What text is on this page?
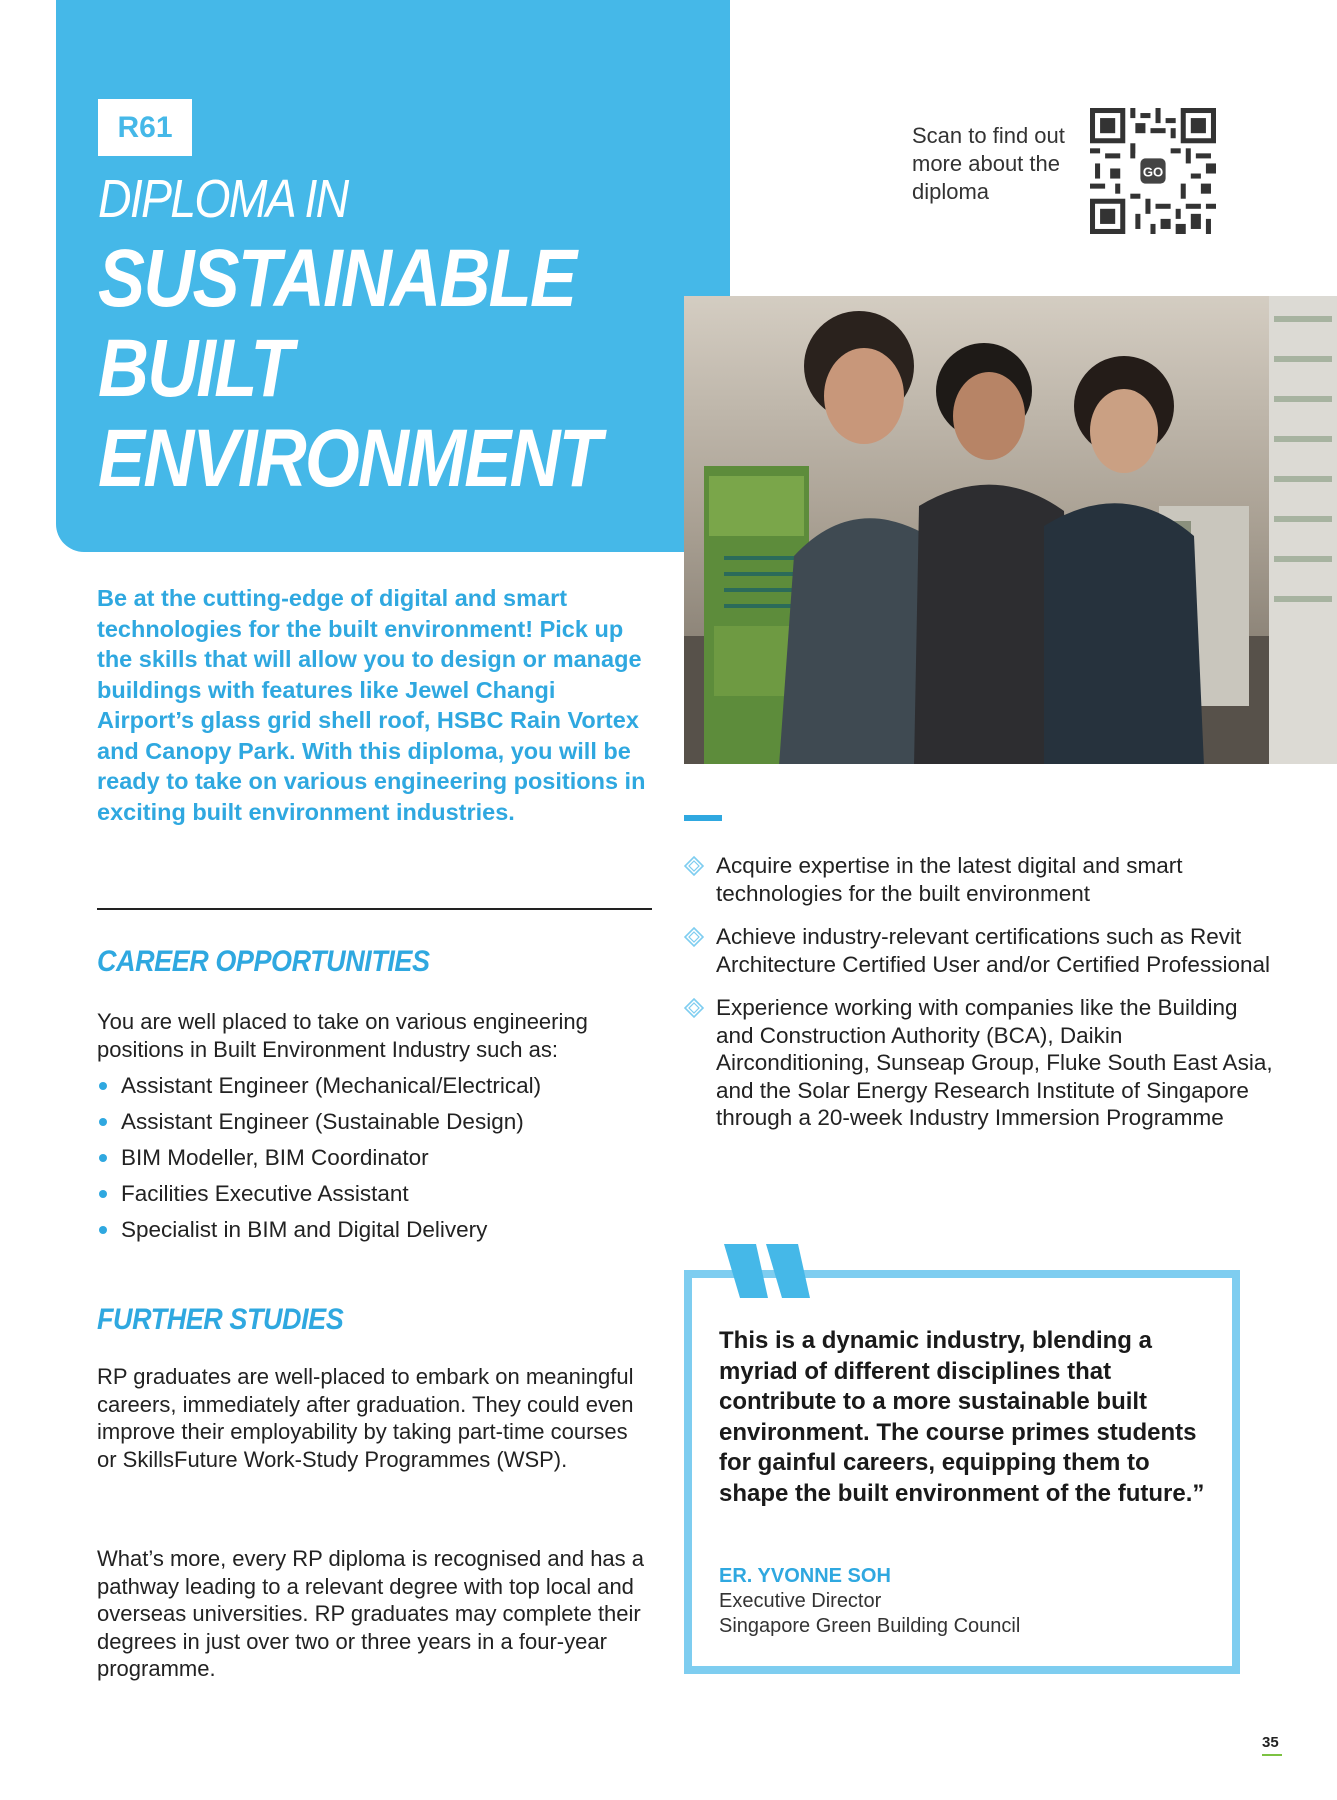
R61
DIPLOMA IN
SUSTAINABLE
BUILT
ENVIRONMENT
Scan to find out more about the diploma
GO
Be at the cutting-edge of digital and smart technologies for the built environment! Pick up the skills that will allow you to design or manage buildings with features like Jewel Changi Airport’s glass grid shell roof, HSBC Rain Vortex and Canopy Park. With this diploma, you will be ready to take on various engineering positions in exciting built environment industries.
CAREER OPPORTUNITIES
You are well placed to take on various engineering positions in Built Environment Industry such as:
Assistant Engineer (Mechanical/Electrical)
Assistant Engineer (Sustainable Design)
BIM Modeller, BIM Coordinator
Facilities Executive Assistant
Specialist in BIM and Digital Delivery
FURTHER STUDIES
RP graduates are well-placed to embark on meaningful careers, immediately after graduation. They could even improve their employability by taking part-time courses or SkillsFuture Work-Study Programmes (WSP).
What’s more, every RP diploma is recognised and has a pathway leading to a relevant degree with top local and overseas universities. RP graduates may complete their degrees in just over two or three years in a four-year programme.
Acquire expertise in the latest digital and smart technologies for the built environment
Achieve industry-relevant certifications such as Revit Architecture Certified User and/or Certified Professional
Experience working with companies like the Building and Construction Authority (BCA), Daikin Airconditioning, Sunseap Group, Fluke South East Asia, and the Solar Energy Research Institute of Singapore through a 20-week Industry Immersion Programme
This is a dynamic industry, blending a myriad of different disciplines that contribute to a more sustainable built environment. The course primes students for gainful careers, equipping them to shape the built environment of the future.”
ER. YVONNE SOH
Executive Director
Singapore Green Building Council
35
